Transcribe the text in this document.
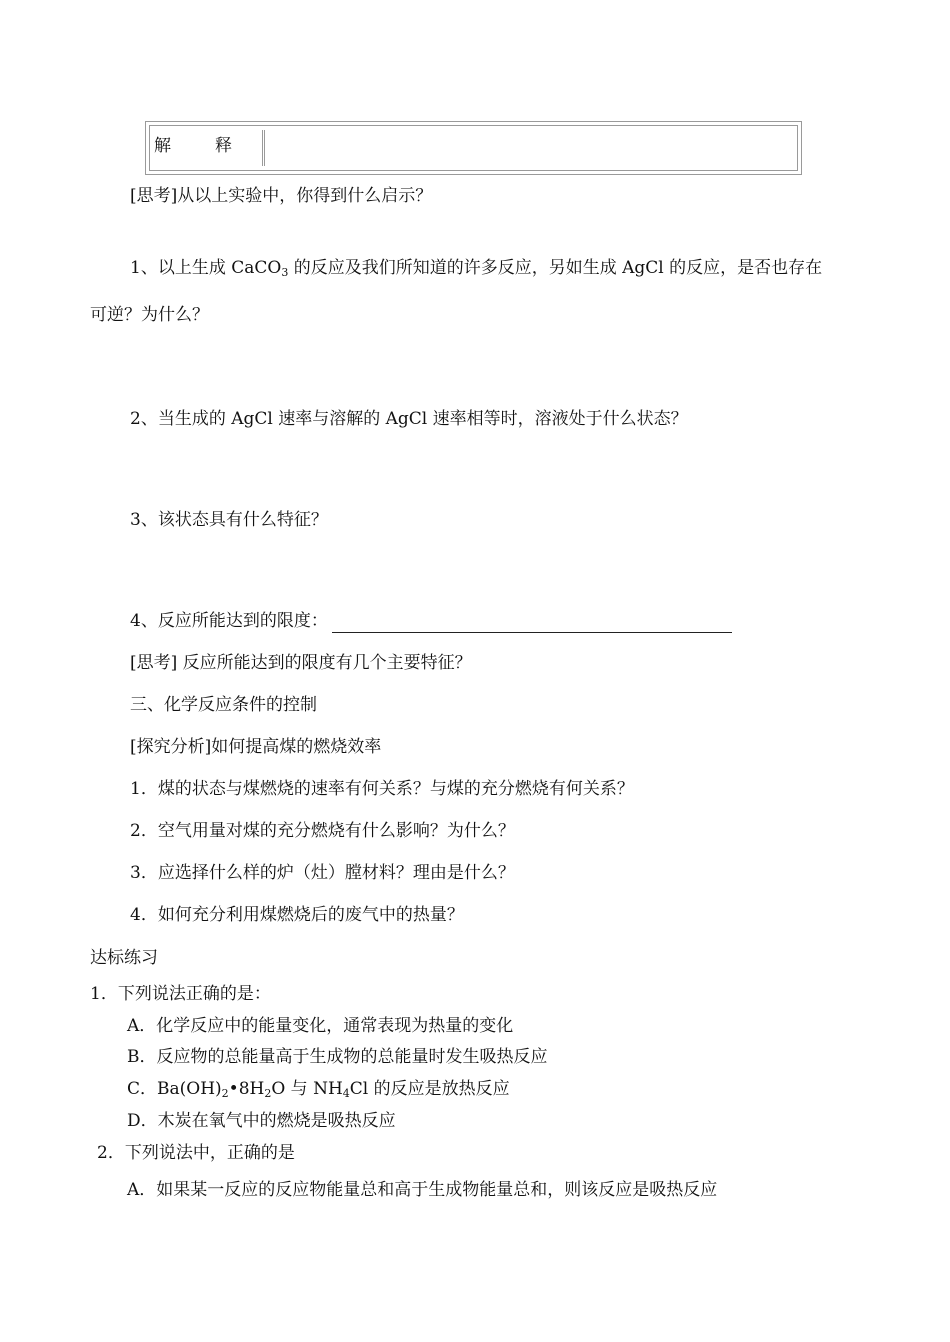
解	释
[思考]从以上实验中，你得到什么启示？
1、以上生成 CaCO$_3$ 的反应及我们所知道的许多反应，另如生成 AgCl 的反应，是否也存在
可逆？为什么？
2、当生成的 AgCl 速率与溶解的 AgCl 速率相等时，溶液处于什么状态？
3、该状态具有什么特征？
4、反应所能达到的限度：
[思考] 反应所能达到的限度有几个主要特征？
三、化学反应条件的控制
[探究分析]如何提高煤的燃烧效率
1．煤的状态与煤燃烧的速率有何关系？与煤的充分燃烧有何关系？
2．空气用量对煤的充分燃烧有什么影响？为什么？
3．应选择什么样的炉（灶）膛材料？理由是什么？
4．如何充分利用煤燃烧后的废气中的热量？
达标练习
1．下列说法正确的是：
A．化学反应中的能量变化，通常表现为热量的变化
B．反应物的总能量高于生成物的总能量时发生吸热反应
C．$Ba(OH)_2•8H_2O$ 与 $NH_4Cl$ 的反应是放热反应
D．木炭在氧气中的燃烧是吸热反应
2．下列说法中，正确的是
A．如果某一反应的反应物能量总和高于生成物能量总和，则该反应是吸热反应
